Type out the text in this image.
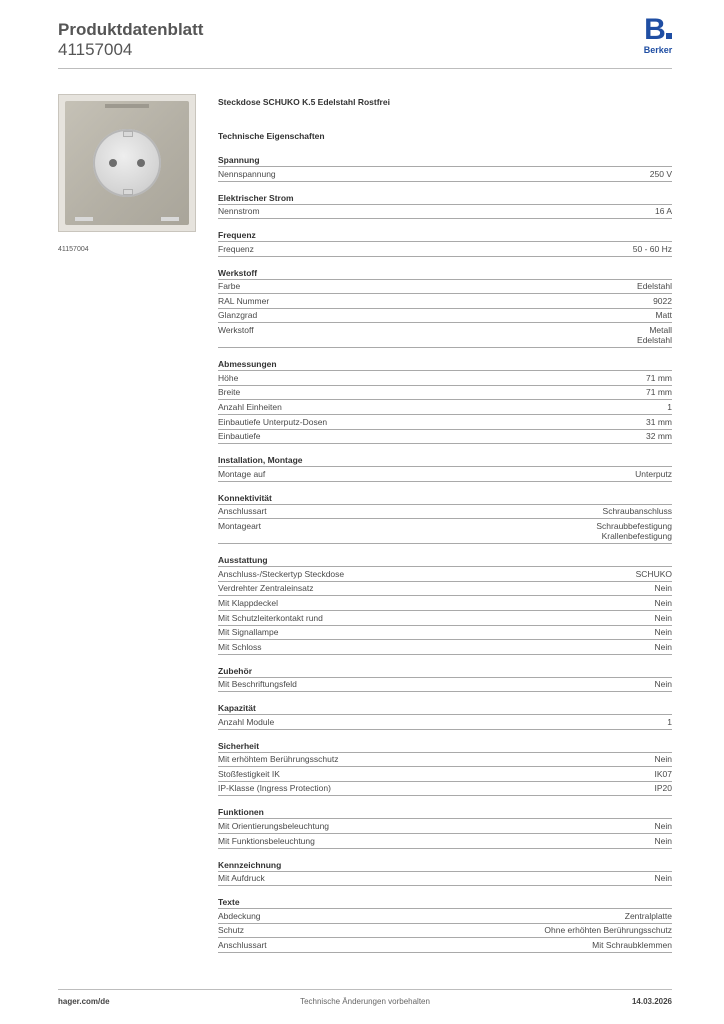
Produktdatenblatt
41157004
B
Berker
41157004
Steckdose SCHUKO K.5 Edelstahl Rostfrei
Technische Eigenschaften
Spannung
Nennspannung	250 V
Elektrischer Strom
Nennstrom	16 A
Frequenz
Frequenz	50 - 60 Hz
Werkstoff
Farbe	Edelstahl
RAL Nummer	9022
Glanzgrad	Matt
Werkstoff	Metall
Edelstahl
Abmessungen
Höhe	71 mm
Breite	71 mm
Anzahl Einheiten	1
Einbautiefe Unterputz-Dosen	31 mm
Einbautiefe	32 mm
Installation, Montage
Montage auf	Unterputz
Konnektivität
Anschlussart	Schraubanschluss
Montageart	Schraubbefestigung
Krallenbefestigung
Ausstattung
Anschluss-/Steckertyp Steckdose	SCHUKO
Verdrehter Zentraleinsatz	Nein
Mit Klappdeckel	Nein
Mit Schutzleiterkontakt rund	Nein
Mit Signallampe	Nein
Mit Schloss	Nein
Zubehör
Mit Beschriftungsfeld	Nein
Kapazität
Anzahl Module	1
Sicherheit
Mit erhöhtem Berührungsschutz	Nein
Stoßfestigkeit IK	IK07
IP-Klasse (Ingress Protection)	IP20
Funktionen
Mit Orientierungsbeleuchtung	Nein
Mit Funktionsbeleuchtung	Nein
Kennzeichnung
Mit Aufdruck	Nein
Texte
Abdeckung	Zentralplatte
Schutz	Ohne erhöhten Berührungsschutz
Anschlussart	Mit Schraubklemmen
hager.com/de	Technische Änderungen vorbehalten	14.03.2026
